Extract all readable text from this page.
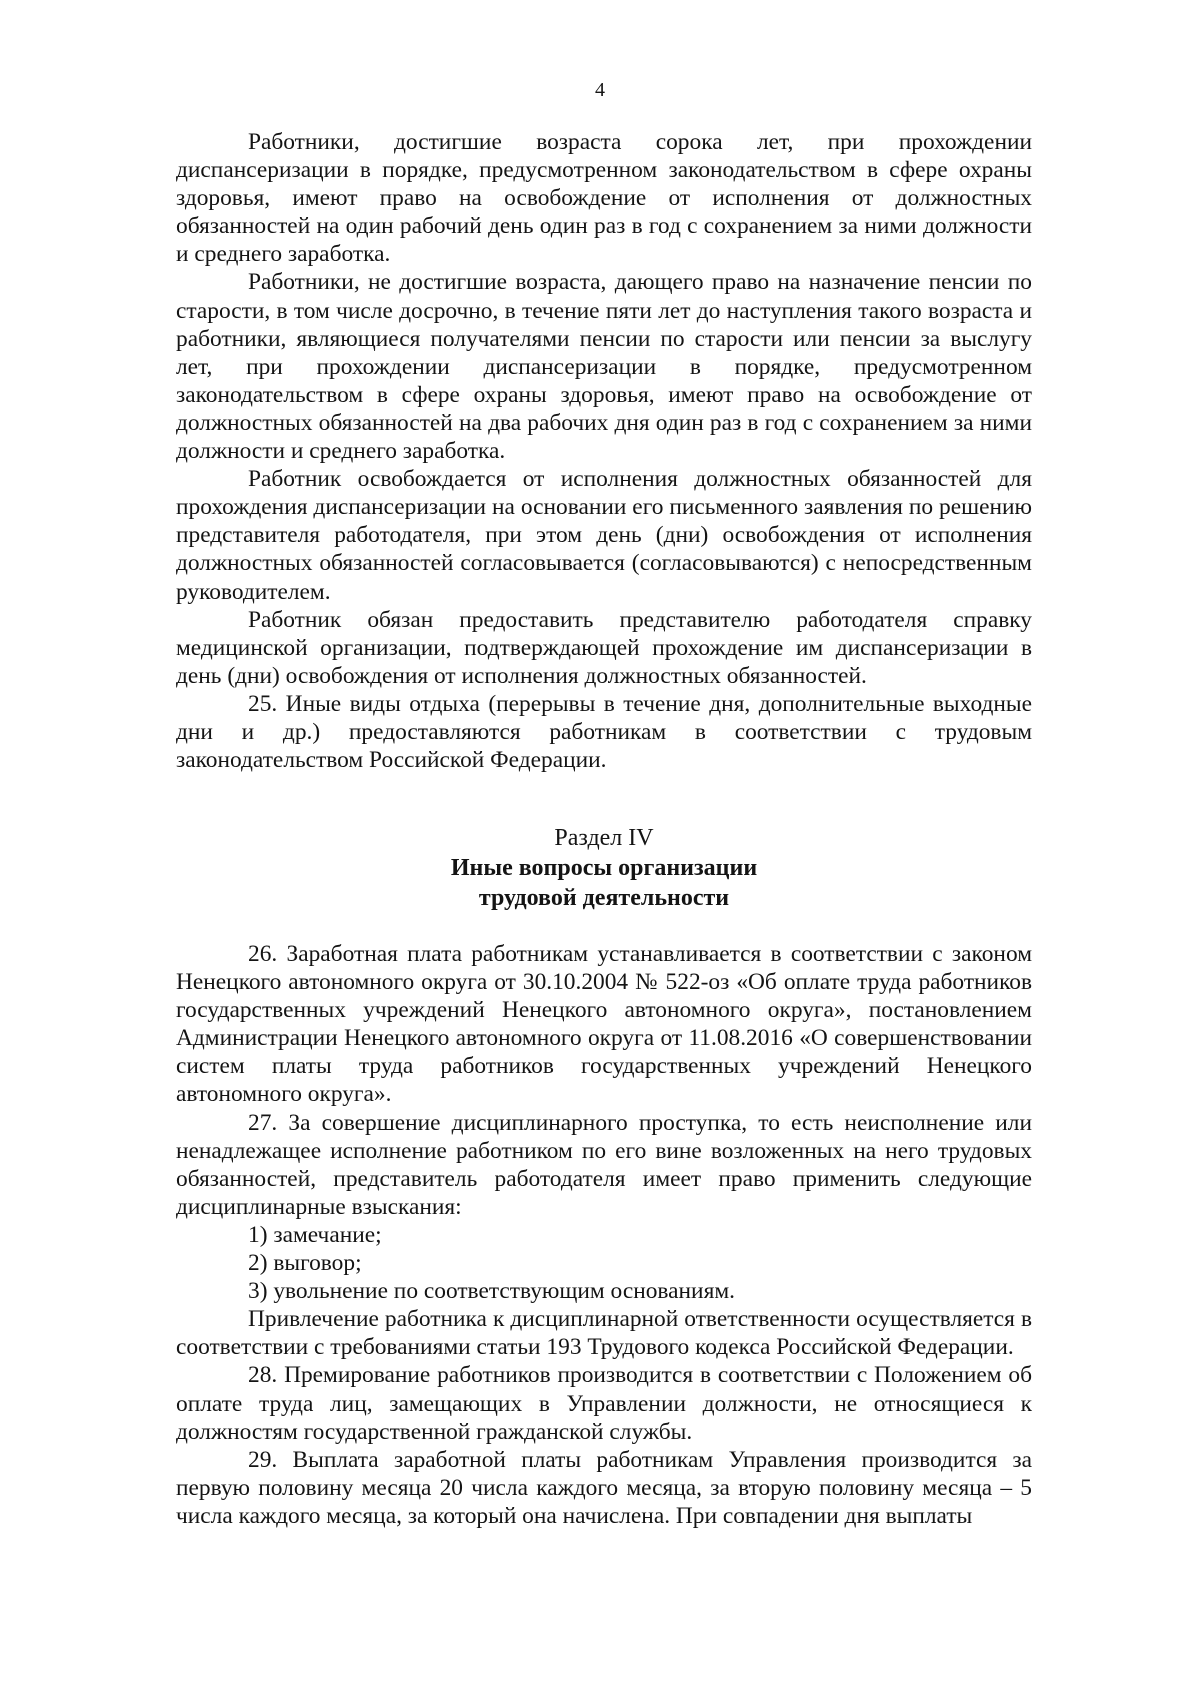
4

Работники, достигшие возраста сорока лет, при прохождении диспансеризации в порядке, предусмотренном законодательством в сфере охраны здоровья, имеют право на освобождение от исполнения от должностных обязанностей на один рабочий день один раз в год с сохранением за ними должности и среднего заработка.

Работники, не достигшие возраста, дающего право на назначение пенсии по старости, в том числе досрочно, в течение пяти лет до наступления такого возраста и работники, являющиеся получателями пенсии по старости или пенсии за выслугу лет, при прохождении диспансеризации в порядке, предусмотренном законодательством в сфере охраны здоровья, имеют право на освобождение от должностных обязанностей на два рабочих дня один раз в год с сохранением за ними должности и среднего заработка.

Работник освобождается от исполнения должностных обязанностей для прохождения диспансеризации на основании его письменного заявления по решению представителя работодателя, при этом день (дни) освобождения от исполнения должностных обязанностей согласовывается (согласовываются) с непосредственным руководителем.

Работник обязан предоставить представителю работодателя справку медицинской организации, подтверждающей прохождение им диспансеризации в день (дни) освобождения от исполнения должностных обязанностей.

25. Иные виды отдыха (перерывы в течение дня, дополнительные выходные дни и др.) предоставляются работникам в соответствии с трудовым законодательством Российской Федерации.

Раздел IV
Иные вопросы организации
трудовой деятельности

26. Заработная плата работникам устанавливается в соответствии с законом Ненецкого автономного округа от 30.10.2004 № 522-оз «Об оплате труда работников государственных учреждений Ненецкого автономного округа», постановлением Администрации Ненецкого автономного округа от 11.08.2016 «О совершенствовании систем платы труда работников государственных учреждений Ненецкого автономного округа».

27. За совершение дисциплинарного проступка, то есть неисполнение или ненадлежащее исполнение работником по его вине возложенных на него трудовых обязанностей, представитель работодателя имеет право применить следующие дисциплинарные взыскания:

1) замечание;

2) выговор;

3) увольнение по соответствующим основаниям.

Привлечение работника к дисциплинарной ответственности осуществляется в соответствии с требованиями статьи 193 Трудового кодекса Российской Федерации.

28. Премирование работников производится в соответствии с Положением об оплате труда лиц, замещающих в Управлении должности, не относящиеся к должностям государственной гражданской службы.

29. Выплата заработной платы работникам Управления производится за первую половину месяца 20 числа каждого месяца, за вторую половину месяца – 5 числа каждого месяца, за который она начислена. При совпадении дня выплаты
